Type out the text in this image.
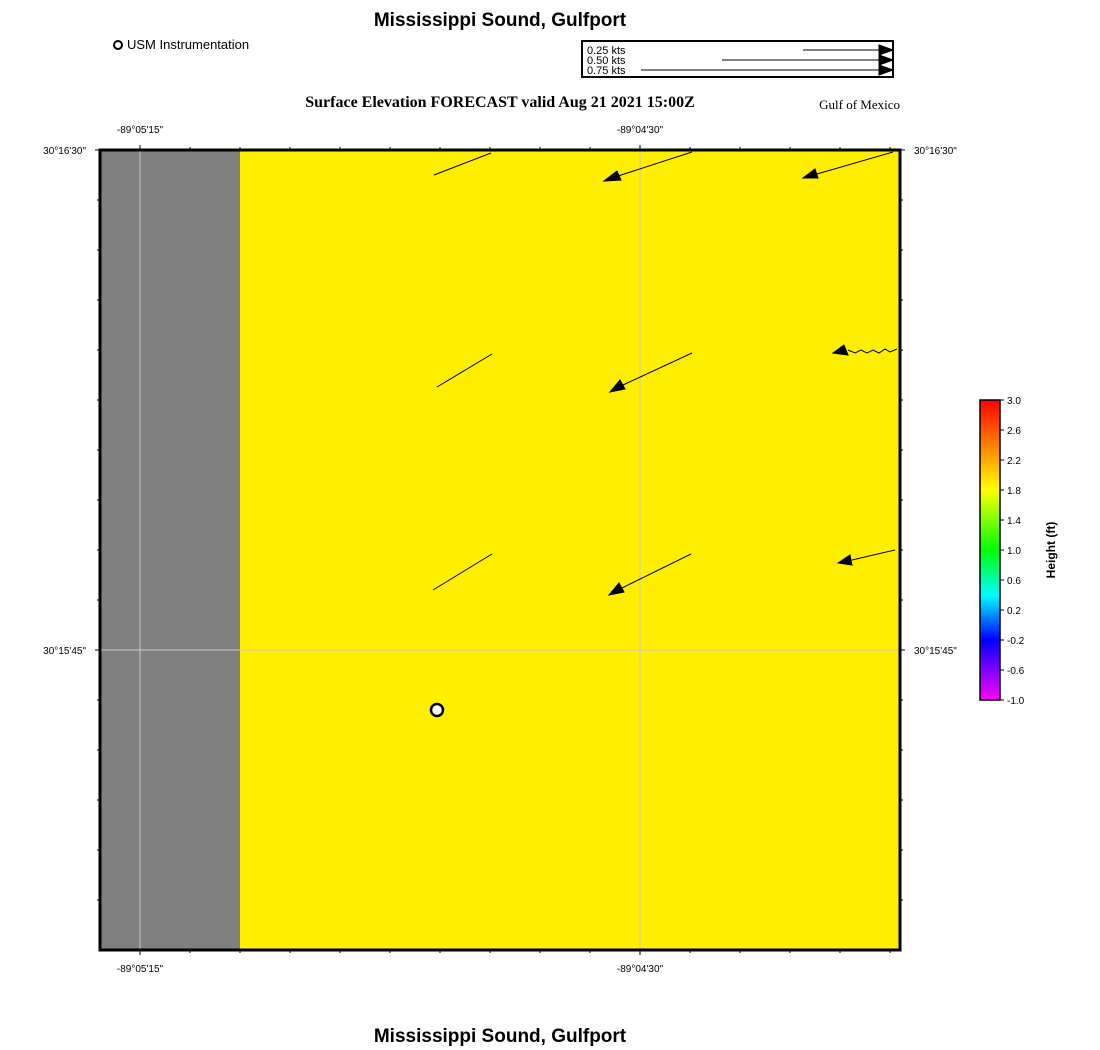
Mississippi Sound, Gulfport
USM Instrumentation	0.25 kts
0.50 kts
0.75 kts
Surface Elevation FORECAST valid Aug 21 2021 15:00Z	Gulf of Mexico
-89°05'15"	-89°04'30"
-89°05'15"	-89°04'30"
30°16'30"
30°15'45"
30°16'30"
30°15'45"
3.0
2.6
2.2
1.8
1.4
1.0
0.6
0.2
-0.2
-0.6
-1.0
Height (ft)
Mississippi Sound, Gulfport
